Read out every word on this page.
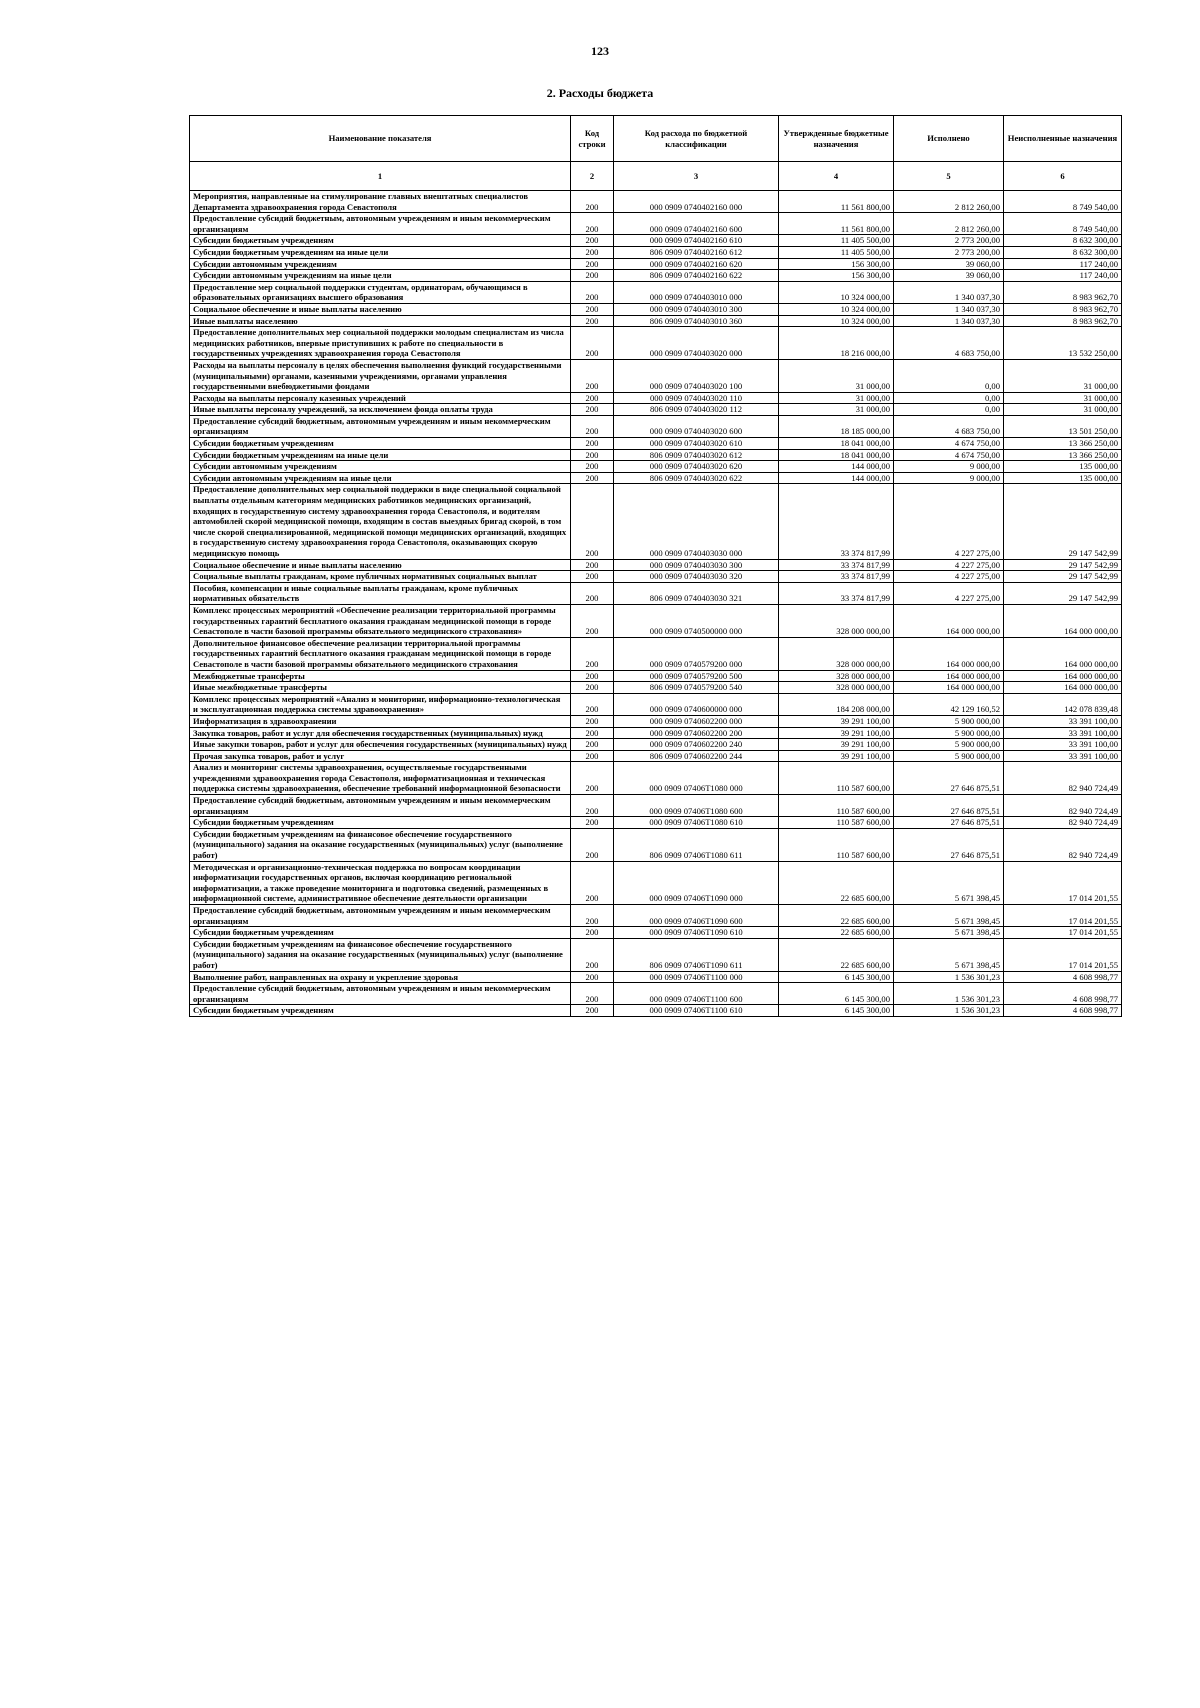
123
2. Расходы бюджета
Наименование показателя	Код строки	Код расхода по бюджетной классификации	Утвержденные бюджетные назначения	Исполнено	Неисполненные назначения
1	2	3	4	5	6
Мероприятия, направленные на стимулирование главных внештатных специалистов Департамента здравоохранения города Севастополя	200	000 0909 0740402160 000	11 561 800,00	2 812 260,00	8 749 540,00
Предоставление субсидий бюджетным, автономным учреждениям и иным некоммерческим организациям	200	000 0909 0740402160 600	11 561 800,00	2 812 260,00	8 749 540,00
Субсидии бюджетным учреждениям	200	000 0909 0740402160 610	11 405 500,00	2 773 200,00	8 632 300,00
Субсидии бюджетным учреждениям на иные цели	200	806 0909 0740402160 612	11 405 500,00	2 773 200,00	8 632 300,00
Субсидии автономным учреждениям	200	000 0909 0740402160 620	156 300,00	39 060,00	117 240,00
Субсидии автономным учреждениям на иные цели	200	806 0909 0740402160 622	156 300,00	39 060,00	117 240,00
Предоставление мер социальной поддержки студентам, ординаторам, обучающимся в образовательных организациях высшего образования	200	000 0909 0740403010 000	10 324 000,00	1 340 037,30	8 983 962,70
Социальное обеспечение и иные выплаты населению	200	000 0909 0740403010 300	10 324 000,00	1 340 037,30	8 983 962,70
Иные выплаты населению	200	806 0909 0740403010 360	10 324 000,00	1 340 037,30	8 983 962,70
Предоставление дополнительных мер социальной поддержки молодым специалистам из числа медицинских работников, впервые приступивших к работе по специальности в государственных учреждениях здравоохранения города Севастополя	200	000 0909 0740403020 000	18 216 000,00	4 683 750,00	13 532 250,00
Расходы на выплаты персоналу в целях обеспечения выполнения функций государственными (муниципальными) органами, казенными учреждениями, органами управления государственными внебюджетными фондами	200	000 0909 0740403020 100	31 000,00	0,00	31 000,00
Расходы на выплаты персоналу казенных учреждений	200	000 0909 0740403020 110	31 000,00	0,00	31 000,00
Иные выплаты персоналу учреждений, за исключением фонда оплаты труда	200	806 0909 0740403020 112	31 000,00	0,00	31 000,00
Предоставление субсидий бюджетным, автономным учреждениям и иным некоммерческим организациям	200	000 0909 0740403020 600	18 185 000,00	4 683 750,00	13 501 250,00
Субсидии бюджетным учреждениям	200	000 0909 0740403020 610	18 041 000,00	4 674 750,00	13 366 250,00
Субсидии бюджетным учреждениям на иные цели	200	806 0909 0740403020 612	18 041 000,00	4 674 750,00	13 366 250,00
Субсидии автономным учреждениям	200	000 0909 0740403020 620	144 000,00	9 000,00	135 000,00
Субсидии автономным учреждениям на иные цели	200	806 0909 0740403020 622	144 000,00	9 000,00	135 000,00
Предоставление дополнительных мер социальной поддержки в виде специальной социальной выплаты отдельным категориям медицинских работников медицинских организаций, входящих в государственную систему здравоохранения города Севастополя, и водителям автомобилей скорой медицинской помощи, входящим в состав выездных бригад скорой, в том числе скорой специализированной, медицинской помощи медицинских организаций, входящих в государственную систему здравоохранения города Севастополя, оказывающих скорую медицинскую помощь	200	000 0909 0740403030 000	33 374 817,99	4 227 275,00	29 147 542,99
Социальное обеспечение и иные выплаты населению	200	000 0909 0740403030 300	33 374 817,99	4 227 275,00	29 147 542,99
Социальные выплаты гражданам, кроме публичных нормативных социальных выплат	200	000 0909 0740403030 320	33 374 817,99	4 227 275,00	29 147 542,99
Пособия, компенсации и иные социальные выплаты гражданам, кроме публичных нормативных обязательств	200	806 0909 0740403030 321	33 374 817,99	4 227 275,00	29 147 542,99
Комплекс процессных мероприятий «Обеспечение реализации территориальной программы государственных гарантий бесплатного оказания гражданам медицинской помощи в городе Севастополе в части базовой программы обязательного медицинского страхования»	200	000 0909 0740500000 000	328 000 000,00	164 000 000,00	164 000 000,00
Дополнительное финансовое обеспечение реализации территориальной программы государственных гарантий бесплатного оказания гражданам медицинской помощи в городе Севастополе в части базовой программы обязательного медицинского страхования	200	000 0909 0740579200 000	328 000 000,00	164 000 000,00	164 000 000,00
Межбюджетные трансферты	200	000 0909 0740579200 500	328 000 000,00	164 000 000,00	164 000 000,00
Иные межбюджетные трансферты	200	806 0909 0740579200 540	328 000 000,00	164 000 000,00	164 000 000,00
Комплекс процессных мероприятий «Анализ и мониторинг, информационно-технологическая и эксплуатационная поддержка системы здравоохранения»	200	000 0909 0740600000 000	184 208 000,00	42 129 160,52	142 078 839,48
Информатизация в здравоохранении	200	000 0909 0740602200 000	39 291 100,00	5 900 000,00	33 391 100,00
Закупка товаров, работ и услуг для обеспечения государственных (муниципальных) нужд	200	000 0909 0740602200 200	39 291 100,00	5 900 000,00	33 391 100,00
Иные закупки товаров, работ и услуг для обеспечения государственных (муниципальных) нужд	200	000 0909 0740602200 240	39 291 100,00	5 900 000,00	33 391 100,00
Прочая закупка товаров, работ и услуг	200	806 0909 0740602200 244	39 291 100,00	5 900 000,00	33 391 100,00
Анализ и мониторинг системы здравоохранения, осуществляемые государственными учреждениями здравоохранения города Севастополя, информатизационная и техническая поддержка системы здравоохранения, обеспечение требований информационной безопасности	200	000 0909 07406T1080 000	110 587 600,00	27 646 875,51	82 940 724,49
Предоставление субсидий бюджетным, автономным учреждениям и иным некоммерческим организациям	200	000 0909 07406T1080 600	110 587 600,00	27 646 875,51	82 940 724,49
Субсидии бюджетным учреждениям	200	000 0909 07406T1080 610	110 587 600,00	27 646 875,51	82 940 724,49
Субсидии бюджетным учреждениям на финансовое обеспечение государственного (муниципального) задания на оказание государственных (муниципальных) услуг (выполнение работ)	200	806 0909 07406T1080 611	110 587 600,00	27 646 875,51	82 940 724,49
Методическая и организационно-техническая поддержка по вопросам координации информатизации государственных органов, включая координацию региональной информатизации, а также проведение мониторинга и подготовка сведений, размещенных в информационной системе, административное обеспечение деятельности организации	200	000 0909 07406T1090 000	22 685 600,00	5 671 398,45	17 014 201,55
Предоставление субсидий бюджетным, автономным учреждениям и иным некоммерческим организациям	200	000 0909 07406T1090 600	22 685 600,00	5 671 398,45	17 014 201,55
Субсидии бюджетным учреждениям	200	000 0909 07406T1090 610	22 685 600,00	5 671 398,45	17 014 201,55
Субсидии бюджетным учреждениям на финансовое обеспечение государственного (муниципального) задания на оказание государственных (муниципальных) услуг (выполнение работ)	200	806 0909 07406T1090 611	22 685 600,00	5 671 398,45	17 014 201,55
Выполнение работ, направленных на охрану и укрепление здоровья	200	000 0909 07406T1100 000	6 145 300,00	1 536 301,23	4 608 998,77
Предоставление субсидий бюджетным, автономным учреждениям и иным некоммерческим организациям	200	000 0909 07406T1100 600	6 145 300,00	1 536 301,23	4 608 998,77
Субсидии бюджетным учреждениям	200	000 0909 07406T1100 610	6 145 300,00	1 536 301,23	4 608 998,77
